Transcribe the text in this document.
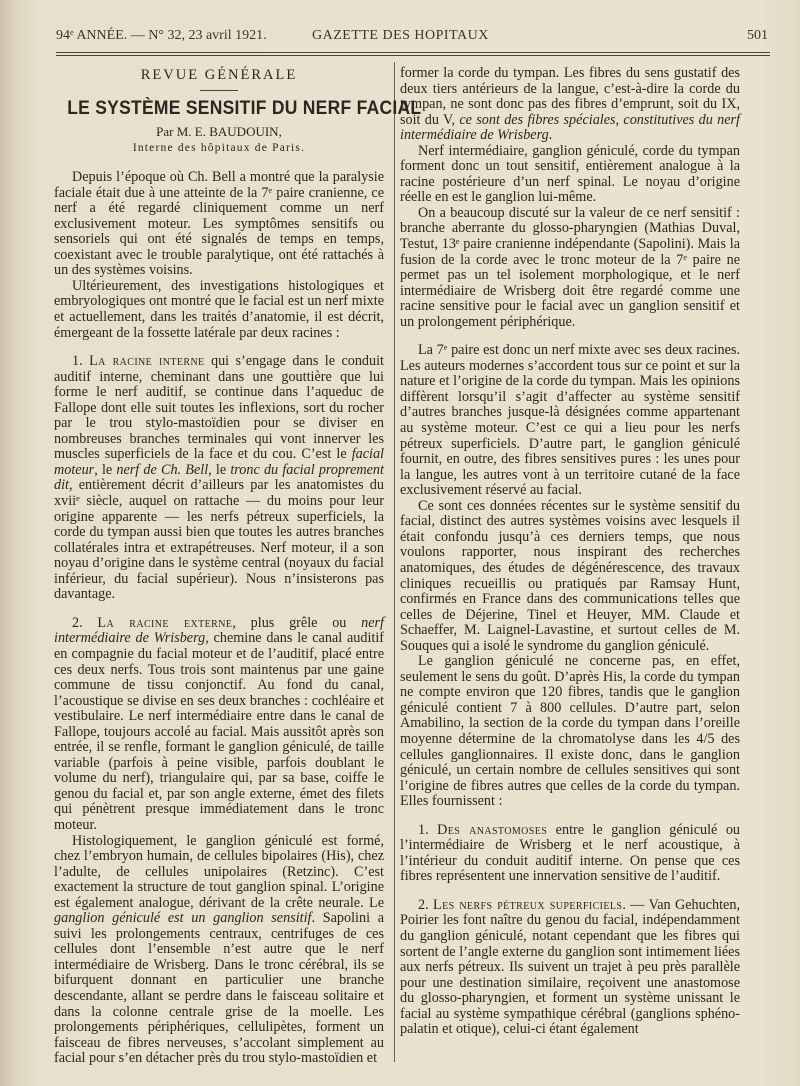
94ᵉ ANNÉE. — N° 32, 23 avril 1921.	GAZETTE DES HOPITAUX	501
REVUE GÉNÉRALE
LE SYSTÈME SENSITIF DU NERF FACIAL
Par M. E. BAUDOUIN,
Interne des hôpitaux de Paris.

Depuis l’époque où Ch. Bell a montré que la paralysie faciale était due à une atteinte de la 7ᵉ paire cranienne, ce nerf a été regardé cliniquement comme un nerf exclusivement moteur. Les symptômes sensitifs ou sensoriels qui ont été signalés de temps en temps, coexistant avec le trouble paralytique, ont été rattachés à un des systèmes voisins.

Ultérieurement, des investigations histologiques et embryologiques ont montré que le facial est un nerf mixte et actuellement, dans les traités d’anatomie, il est décrit, émergeant de la fossette latérale par deux racines :

1. La racine interne qui s’engage dans le conduit auditif interne, cheminant dans une gouttière que lui forme le nerf auditif, se continue dans l’aqueduc de Fallope dont elle suit toutes les inflexions, sort du rocher par le trou stylo-mastoïdien pour se diviser en nombreuses branches terminales qui vont innerver les muscles superficiels de la face et du cou. C’est le facial moteur, le nerf de Ch. Bell, le tronc du facial proprement dit, entièrement décrit d’ailleurs par les anatomistes du xviiᵉ siècle, auquel on rattache — du moins pour leur origine apparente — les nerfs pétreux superficiels, la corde du tympan aussi bien que toutes les autres branches collatérales intra et extrapétreuses. Nerf moteur, il a son noyau d’origine dans le système central (noyaux du facial inférieur, du facial supérieur). Nous n’insisterons pas davantage.

2. La racine externe, plus grêle ou nerf intermédiaire de Wrisberg, chemine dans le canal auditif en compagnie du facial moteur et de l’auditif, placé entre ces deux nerfs. Tous trois sont maintenus par une gaine commune de tissu conjonctif. Au fond du canal, l’acoustique se divise en ses deux branches : cochléaire et vestibulaire. Le nerf intermédiaire entre dans le canal de Fallope, toujours accolé au facial. Mais aussitôt après son entrée, il se renfle, formant le ganglion géniculé, de taille variable (parfois à peine visible, parfois doublant le volume du nerf), triangulaire qui, par sa base, coiffe le genou du facial et, par son angle externe, émet des filets qui pénètrent presque immédiatement dans le tronc moteur.

Histologiquement, le ganglion géniculé est formé, chez l’embryon humain, de cellules bipolaires (His), chez l’adulte, de cellules unipolaires (Retzinc). C’est exactement la structure de tout ganglion spinal. L’origine est également analogue, dérivant de la crête neurale. Le ganglion géniculé est un ganglion sensitif. Sapolini a suivi les prolongements centraux, centrifuges de ces cellules dont l’ensemble n’est autre que le nerf intermédiaire de Wrisberg. Dans le tronc cérébral, ils se bifurquent donnant en particulier une branche descendante, allant se perdre dans le faisceau solitaire et dans la colonne centrale grise de la moelle. Les prolongements périphériques, cellulipètes, forment un faisceau de fibres nerveuses, s’accolant simplement au facial pour s’en détacher près du trou stylo-mastoïdien et

former la corde du tympan. Les fibres du sens gustatif des deux tiers antérieurs de la langue, c’est-à-dire la corde du tympan, ne sont donc pas des fibres d’emprunt, soit du IX, soit du V, ce sont des fibres spéciales, constitutives du nerf intermédiaire de Wrisberg.

Nerf intermédiaire, ganglion géniculé, corde du tympan forment donc un tout sensitif, entièrement analogue à la racine postérieure d’un nerf spinal. Le noyau d’origine réelle en est le ganglion lui-même.

On a beaucoup discuté sur la valeur de ce nerf sensitif : branche aberrante du glosso-pharyngien (Mathias Duval, Testut, 13ᵉ paire cranienne indépendante (Sapolini). Mais la fusion de la corde avec le tronc moteur de la 7ᵉ paire ne permet pas un tel isolement morphologique, et le nerf intermédiaire de Wrisberg doit être regardé comme une racine sensitive pour le facial avec un ganglion sensitif et un prolongement périphérique.

La 7ᵉ paire est donc un nerf mixte avec ses deux racines. Les auteurs modernes s’accordent tous sur ce point et sur la nature et l’origine de la corde du tympan. Mais les opinions diffèrent lorsqu’il s’agit d’affecter au système sensitif d’autres branches jusque-là désignées comme appartenant au système moteur. C’est ce qui a lieu pour les nerfs pétreux superficiels. D’autre part, le ganglion géniculé fournit, en outre, des fibres sensitives pures : les unes pour la langue, les autres vont à un territoire cutané de la face exclusivement réservé au facial.

Ce sont ces données récentes sur le système sensitif du facial, distinct des autres systèmes voisins avec lesquels il était confondu jusqu’à ces derniers temps, que nous voulons rapporter, nous inspirant des recherches anatomiques, des études de dégénérescence, des travaux cliniques recueillis ou pratiqués par Ramsay Hunt, confirmés en France dans des communications telles que celles de Déjerine, Tinel et Heuyer, MM. Claude et Schaeffer, M. Laignel-Lavastine, et surtout celles de M. Souques qui a isolé le syndrome du ganglion géniculé.

Le ganglion géniculé ne concerne pas, en effet, seulement le sens du goût. D’après His, la corde du tympan ne compte environ que 120 fibres, tandis que le ganglion géniculé contient 7 à 800 cellules. D’autre part, selon Amabilino, la section de la corde du tympan dans l’oreille moyenne détermine de la chromatolyse dans les 4/5 des cellules ganglionnaires. Il existe donc, dans le ganglion géniculé, un certain nombre de cellules sensitives qui sont l’origine de fibres autres que celles de la corde du tympan. Elles fournissent :

1. Des anastomoses entre le ganglion géniculé ou l’intermédiaire de Wrisberg et le nerf acoustique, à l’intérieur du conduit auditif interne. On pense que ces fibres représentent une innervation sensitive de l’auditif.

2. Les nerfs pétreux superficiels. — Van Gehuchten, Poirier les font naître du genou du facial, indépendamment du ganglion géniculé, notant cependant que les fibres qui sortent de l’angle externe du ganglion sont intimement liées aux nerfs pétreux. Ils suivent un trajet à peu près parallèle pour une destination similaire, reçoivent une anastomose du glosso-pharyngien, et forment un système unissant le facial au système sympathique cérébral (ganglions sphéno-palatin et otique), celui-ci étant également
